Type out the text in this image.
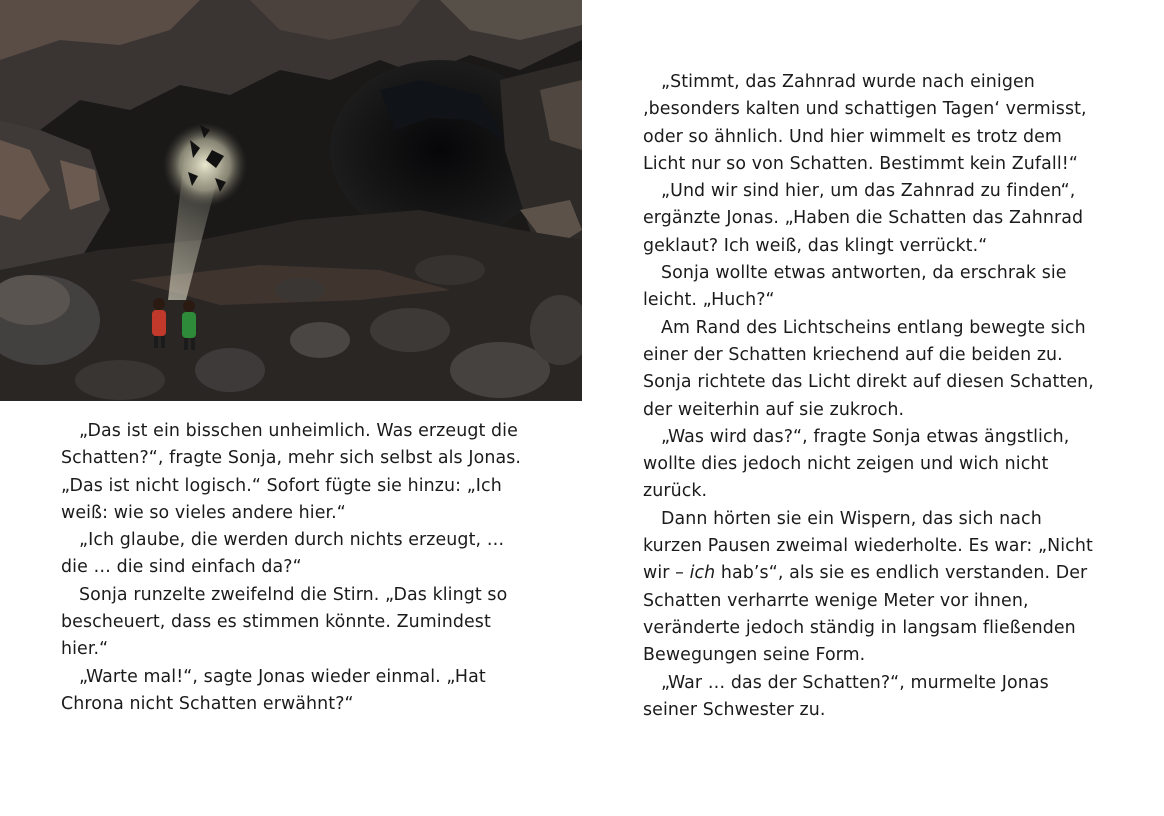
„Das ist ein bisschen unheimlich. Was erzeugt die
Schatten?“, fragte Sonja, mehr sich selbst als Jonas.
„Das ist nicht logisch.“ Sofort fügte sie hinzu: „Ich
weiß: wie so vieles andere hier.“

„Ich glaube, die werden durch nichts erzeugt, …
die … die sind einfach da?“

Sonja runzelte zweifelnd die Stirn. „Das klingt so
bescheuert, dass es stimmen könnte. Zumindest
hier.“

„Warte mal!“, sagte Jonas wieder einmal. „Hat
Chrona nicht Schatten erwähnt?“

„Stimmt, das Zahnrad wurde nach einigen
‚besonders kalten und schattigen Tagen‘ vermisst,
oder so ähnlich. Und hier wimmelt es trotz dem
Licht nur so von Schatten. Bestimmt kein Zufall!“

„Und wir sind hier, um das Zahnrad zu finden“,
ergänzte Jonas. „Haben die Schatten das Zahnrad
geklaut? Ich weiß, das klingt verrückt.“

Sonja wollte etwas antworten, da erschrak sie
leicht. „Huch?“

Am Rand des Lichtscheins entlang bewegte sich
einer der Schatten kriechend auf die beiden zu.
Sonja richtete das Licht direkt auf diesen Schatten,
der weiterhin auf sie zukroch.

„Was wird das?“, fragte Sonja etwas ängstlich,
wollte dies jedoch nicht zeigen und wich nicht
zurück.

Dann hörten sie ein Wispern, das sich nach
kurzen Pausen zweimal wiederholte. Es war: „Nicht
wir – ich hab’s“, als sie es endlich verstanden. Der
Schatten verharrte wenige Meter vor ihnen,
veränderte jedoch ständig in langsam fließenden
Bewegungen seine Form.

„War … das der Schatten?“, murmelte Jonas
seiner Schwester zu.
